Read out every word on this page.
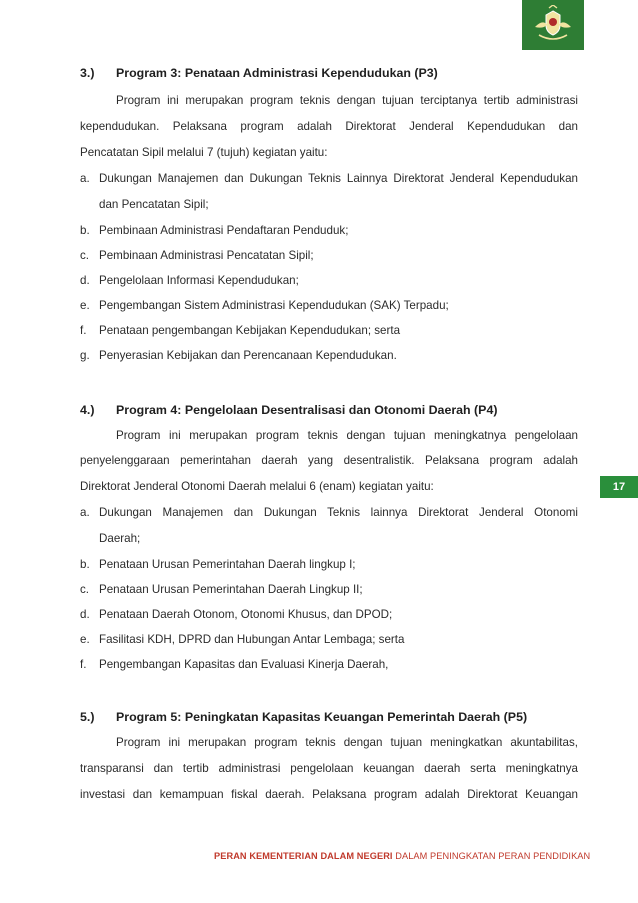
17
3.) Program 3: Penataan Administrasi Kependudukan (P3)
Program ini merupakan program teknis dengan tujuan terciptanya tertib administrasi
kependudukan. Pelaksana program adalah Direktorat Jenderal Kependudukan dan
Pencatatan Sipil melalui 7 (tujuh) kegiatan yaitu:
a. Dukungan Manajemen dan Dukungan Teknis Lainnya Direktorat Jenderal Kependudukan
dan Pencatatan Sipil;
b. Pembinaan Administrasi Pendaftaran Penduduk;
c. Pembinaan Administrasi Pencatatan Sipil;
d. Pengelolaan Informasi Kependudukan;
e. Pengembangan Sistem Administrasi Kependudukan (SAK) Terpadu;
f. Penataan pengembangan Kebijakan Kependudukan; serta
g. Penyerasian Kebijakan dan Perencanaan Kependudukan.
4.) Program 4: Pengelolaan Desentralisasi dan Otonomi Daerah (P4)
Program ini merupakan program teknis dengan tujuan meningkatnya pengelolaan
penyelenggaraan pemerintahan daerah yang desentralistik. Pelaksana program adalah
Direktorat Jenderal Otonomi Daerah melalui 6 (enam) kegiatan yaitu:
a. Dukungan Manajemen dan Dukungan Teknis lainnya Direktorat Jenderal Otonomi
Daerah;
b. Penataan Urusan Pemerintahan Daerah lingkup I;
c. Penataan Urusan Pemerintahan Daerah Lingkup II;
d. Penataan Daerah Otonom, Otonomi Khusus, dan DPOD;
e. Fasilitasi KDH, DPRD dan Hubungan Antar Lembaga; serta
f. Pengembangan Kapasitas dan Evaluasi Kinerja Daerah,
5.) Program 5: Peningkatan Kapasitas Keuangan Pemerintah Daerah (P5)
Program ini merupakan program teknis dengan tujuan meningkatkan akuntabilitas,
transparansi dan tertib administrasi pengelolaan keuangan daerah serta meningkatnya
investasi dan kemampuan fiskal daerah. Pelaksana program adalah Direktorat Keuangan
PERAN KEMENTERIAN DALAM NEGERI DALAM PENINGKATAN PERAN PENDIDIKAN
